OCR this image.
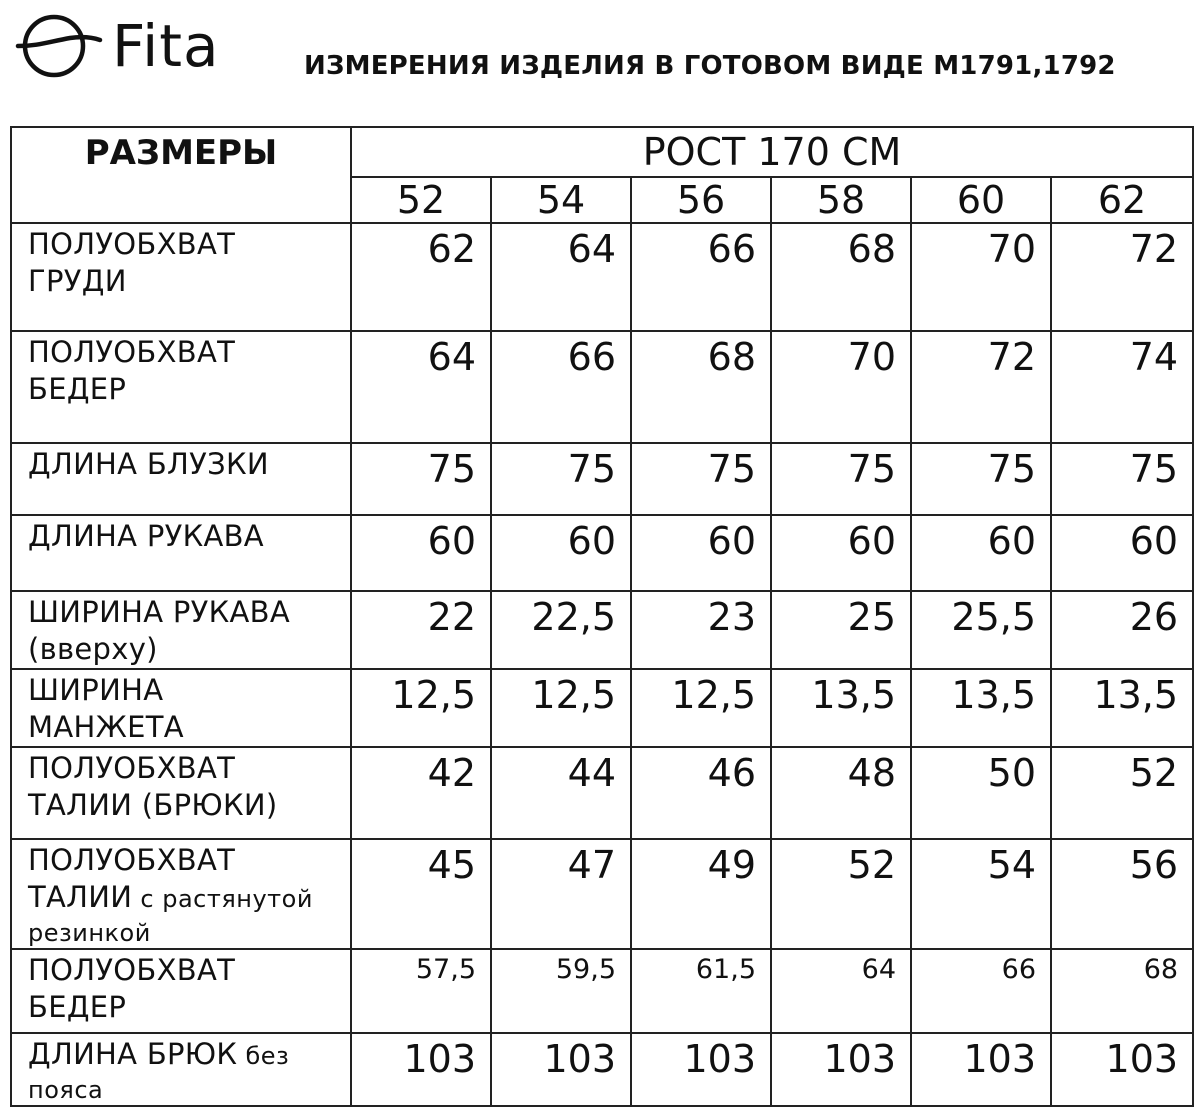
Fita	ИЗМЕРЕНИЯ ИЗДЕЛИЯ В ГОТОВОМ ВИДЕ М1791,1792
РАЗМЕРЫ	РОСТ 170 СМ					
	52	54	56	58	60	62

ПОЛУОБХВАТ
ГРУДИ	62	64	66	68	70	72

ПОЛУОБХВАТ
БЕДЕР	64	66	68	70	72	74

ДЛИНА БЛУЗКИ	75	75	75	75	75	75

ДЛИНА РУКАВА	60	60	60	60	60	60

ШИРИНА РУКАВА
(вверху)	22	22,5	23	25	25,5	26

ШИРИНА
МАНЖЕТА	12,5	12,5	12,5	13,5	13,5	13,5

ПОЛУОБХВАТ
ТАЛИИ (БРЮКИ)	42	44	46	48	50	52

ПОЛУОБХВАТ
ТАЛИИ с растянутой
резинкой	45	47	49	52	54	56

ПОЛУОБХВАТ
БЕДЕР	57,5	59,5	61,5	64	66	68

ДЛИНА БРЮК без
пояса	103	103	103	103	103	103
